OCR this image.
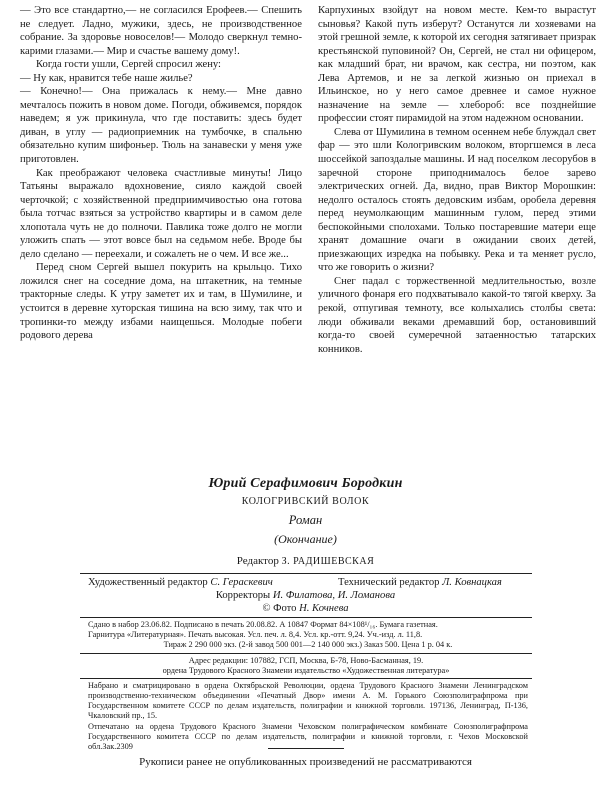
— Это все стандартно,— не согласился Ерофеев.— Спешить не следует. Ладно, мужики, здесь, не производственное собрание. За здоровье новоселов!— Молодо сверкнул темно-карими глазами.— Мир и счастье вашему дому!.

Когда гости ушли, Сергей спросил жену:

— Ну как, нравится тебе наше жилье?

— Конечно!— Она прижалась к нему.— Мне давно мечталось пожить в новом доме. Погоди, обживемся, порядок наведем; я уж прикинула, что где поставить: здесь будет диван, в углу — радиоприемник на тумбочке, в спальню обязательно купим шифоньер. Тюль на занавески у меня уже приготовлен.

Как преображают человека счастливые минуты! Лицо Татьяны выражало вдохновение, сияло каждой своей черточкой; с хозяйственной предприимчивостью она готова была тотчас взяться за устройство квартиры и в самом деле хлопотала чуть не до полночи. Павлика тоже долго не могли уложить спать — этот вовсе был на седьмом небе. Вроде бы дело сделано — переехали, и сожалеть не о чем. И все же...

Перед сном Сергей вышел покурить на крыльцо. Тихо ложился снег на соседние дома, на штакетник, на темные тракторные следы. К утру заметет их и там, в Шумилине, и устоится в деревне хуторская тишина на всю зиму, так что и тропинки-то между избами наищешься. Молодые побеги родового дерева

Карпухиных взойдут на новом месте. Кем-то вырастут сыновья? Какой путь изберут? Останутся ли хозяевами на этой грешной земле, к которой их сегодня затягивает призрак крестьянской пуповиной? Он, Сергей, не стал ни офицером, как младший брат, ни врачом, как сестра, ни поэтом, как Лева Артемов, и не за легкой жизнью он приехал в Ильинское, но у него самое древнее и самое нужное назначение на земле — хлебороб: все позднейшие профессии стоят пирамидой на этом надежном основании.

Слева от Шумилина в темном осеннем небе блуждал свет фар — это шли Кологривским волоком, вторгшемся в леса шоссейкой запоздалые машины. И над поселком лесорубов в заречной стороне приподнималось белое зарево электрических огней. Да, видно, прав Виктор Морошкин: недолго осталось стоять дедовским избам, оробела деревня перед неумолкающим машинным гулом, перед этими беспокойными сполохами. Только постаревшие матери еще хранят домашние очаги в ожидании своих детей, приезжающих изредка на побывку. Река и та меняет русло, что же говорить о жизни?

Снег падал с торжественной медлительностью, возле уличного фонаря его подхватывало какой-то тягой кверху. За рекой, отпугивая темноту, все колыхались столбы света: люди обживали веками дремавший бор, остановивший когда-то своей сумеречной затаенностью татарских конников.

Юрий Серафимович Бородкин
КОЛОГРИВСКИЙ ВОЛОК
Роман
(Окончание)
Редактор З. РАДИШЕВСКАЯ
Художественный редактор С. Гераскевич	Технический редактор Л. Ковнацкая
Корректоры И. Филатова, И. Ломанова
© Фото Н. Кочнева

Сдано в набор 23.06.82. Подписано в печать 20.08.82. А 10847 Формат 84×108¹/₁₆. Бумага газетная.

Гарнитура «Литературная». Печать высокая. Усл. печ. л. 8,4. Усл. кр.-отт. 9,24. Уч.-изд. л. 11,8.

Тираж 2 290 000 экз. (2-й завод 500 001—2 140 000 экз.) Заказ 500. Цена 1 р. 04 к.

Адрес редакции: 107882, ГСП, Москва, Б-78, Ново-Басманная, 19.

ордена Трудового Красного Знамени издательство «Художественная литература»

Набрано и сматрицировано в ордена Октябрьской Революции, ордена Трудового Красного Знамени Ленинградском производственно-техническом объединении «Печатный Двор» имени А. М. Горького Союзполиграфпрома при Государственном комитете СССР по делам издательств, полиграфии и книжной торговли. 197136, Ленинград, П-136, Чкаловский пр., 15.

Отпечатано на ордена Трудового Красного Знамени Чеховском полиграфическом комбинате Союзполиграфпрома Государственного комитета СССР по делам издательств, полиграфии и книжной торговли, г. Чехов Московской обл.Зак.2309

Рукописи ранее не опубликованных произведений не рассматриваются
